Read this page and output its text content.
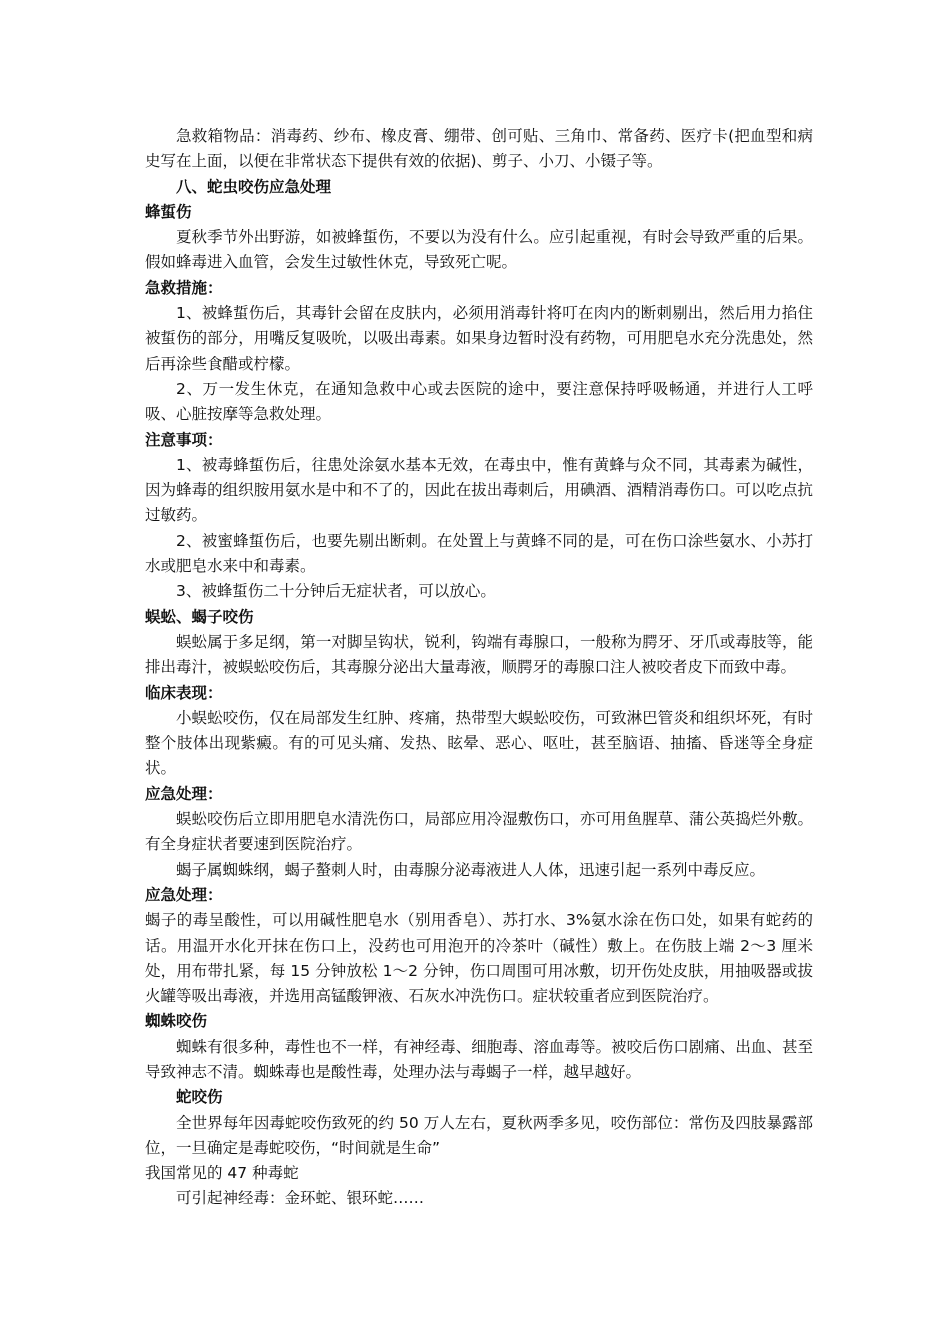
急救箱物品：消毒药、纱布、橡皮膏、绷带、创可贴、三角巾、常备药、医疗卡(把血型和病史写在上面，以便在非常状态下提供有效的依据)、剪子、小刀、小镊子等。

八、蛇虫咬伤应急处理

蜂蜇伤

夏秋季节外出野游，如被蜂蜇伤，不要以为没有什么。应引起重视，有时会导致严重的后果。假如蜂毒进入血管，会发生过敏性休克，导致死亡呢。

急救措施：

1、被蜂蜇伤后，其毒针会留在皮肤内，必须用消毒针将叮在肉内的断刺剔出，然后用力掐住被蜇伤的部分，用嘴反复吸吮，以吸出毒素。如果身边暂时没有药物，可用肥皂水充分洗患处，然后再涂些食醋或柠檬。

2、万一发生休克，在通知急救中心或去医院的途中，要注意保持呼吸畅通，并进行人工呼吸、心脏按摩等急救处理。

注意事项：

1、被毒蜂蜇伤后，往患处涂氨水基本无效，在毒虫中，惟有黄蜂与众不同，其毒素为碱性，因为蜂毒的组织胺用氨水是中和不了的，因此在拔出毒刺后，用碘酒、酒精消毒伤口。可以吃点抗过敏药。

2、被蜜蜂蜇伤后，也要先剔出断刺。在处置上与黄蜂不同的是，可在伤口涂些氨水、小苏打水或肥皂水来中和毒素。

3、被蜂蜇伤二十分钟后无症状者，可以放心。

蜈蚣、蝎子咬伤

蜈蚣属于多足纲，第一对脚呈钩状，锐利，钩端有毒腺口，一般称为腭牙、牙爪或毒肢等，能排出毒汁，被蜈蚣咬伤后，其毒腺分泌出大量毒液，顺腭牙的毒腺口注人被咬者皮下而致中毒。

临床表现：

小蜈蚣咬伤，仅在局部发生红肿、疼痛，热带型大蜈蚣咬伤，可致淋巴管炎和组织坏死，有时整个肢体出现紫癜。有的可见头痛、发热、眩晕、恶心、呕吐，甚至脑语、抽搐、昏迷等全身症状。

应急处理：

蜈蚣咬伤后立即用肥皂水清洗伤口，局部应用冷湿敷伤口，亦可用鱼腥草、蒲公英捣烂外敷。有全身症状者要速到医院治疗。

蝎子属蜘蛛纲，蝎子螯刺人时，由毒腺分泌毒液进人人体，迅速引起一系列中毒反应。

应急处理：

蝎子的毒呈酸性，可以用碱性肥皂水（别用香皂）、苏打水、3%氨水涂在伤口处，如果有蛇药的话。用温开水化开抹在伤口上，没药也可用泡开的冷茶叶（碱性）敷上。在伤肢上端 2～3 厘米处，用布带扎紧，每 15 分钟放松 1～2 分钟，伤口周围可用冰敷，切开伤处皮肤，用抽吸器或拔火罐等吸出毒液，并选用高锰酸钾液、石灰水冲洗伤口。症状较重者应到医院治疗。

蜘蛛咬伤

蜘蛛有很多种，毒性也不一样，有神经毒、细胞毒、溶血毒等。被咬后伤口剧痛、出血、甚至导致神志不清。蜘蛛毒也是酸性毒，处理办法与毒蝎子一样，越早越好。

蛇咬伤

全世界每年因毒蛇咬伤致死的约 50 万人左右，夏秋两季多见，咬伤部位：常伤及四肢暴露部位，一旦确定是毒蛇咬伤，“时间就是生命”

我国常见的 47 种毒蛇

可引起神经毒：金环蛇、银环蛇……
